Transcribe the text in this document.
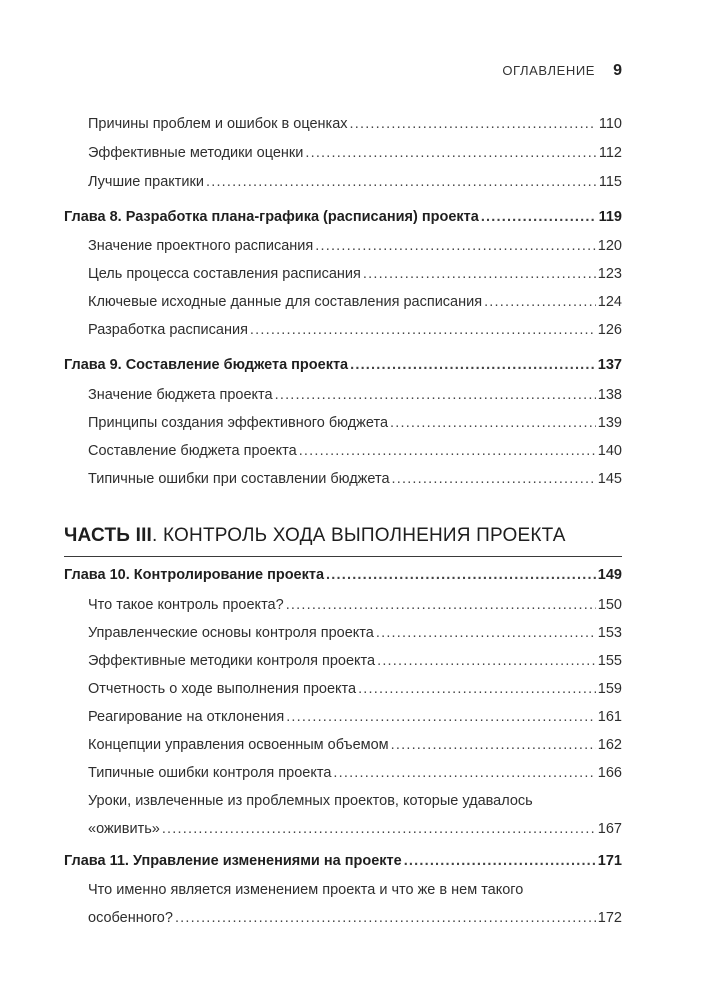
ОГЛАВЛЕНИЕ 9
Причины проблем и ошибок в оценках .....	110
Эффективные методики оценки .....	112
Лучшие практики .....	115
Глава 8. Разработка плана-графика (расписания) проекта .....	119
Значение проектного расписания .....	120
Цель процесса составления расписания .....	123
Ключевые исходные данные для составления расписания .....	124
Разработка расписания .....	126
Глава 9. Составление бюджета проекта .....	137
Значение бюджета проекта .....	138
Принципы создания эффективного бюджета .....	139
Составление бюджета проекта .....	140
Типичные ошибки при составлении бюджета .....	145
ЧАСТЬ III. КОНТРОЛЬ ХОДА ВЫПОЛНЕНИЯ ПРОЕКТА
Глава 10. Контролирование проекта .....	149
Что такое контроль проекта? .....	150
Управленческие основы контроля проекта .....	153
Эффективные методики контроля проекта .....	155
Отчетность о ходе выполнения проекта .....	159
Реагирование на отклонения .....	161
Концепции управления освоенным объемом .....	162
Типичные ошибки контроля проекта .....	166
Уроки, извлеченные из проблемных проектов, которые удавалось
«оживить» .....	167
Глава 11. Управление изменениями на проекте .....	171
Что именно является изменением проекта и что же в нем такого
особенного? .....	172
